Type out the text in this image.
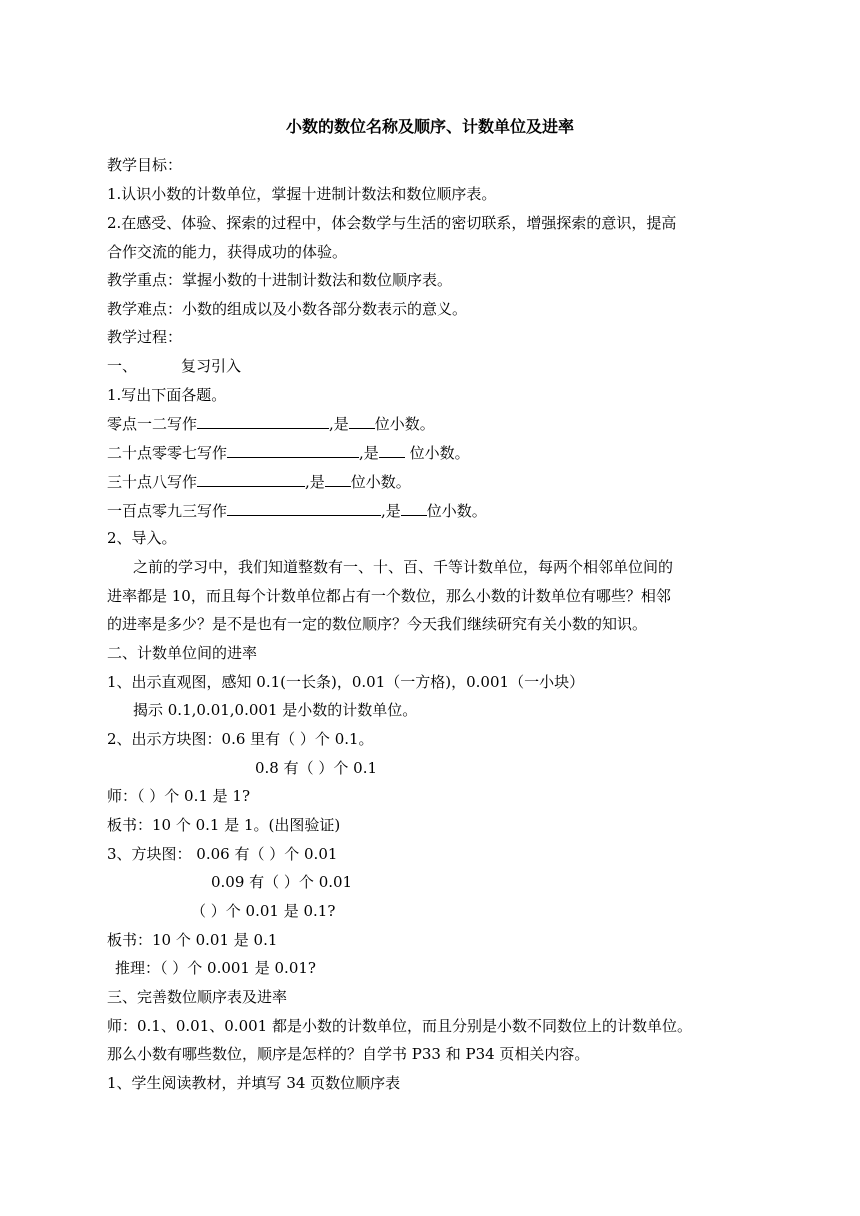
小数的数位名称及顺序、计数单位及进率
教学目标：
1.认识小数的计数单位，掌握十进制计数法和数位顺序表。
2.在感受、体验、探索的过程中，体会数学与生活的密切联系，增强探索的意识，提高
合作交流的能力，获得成功的体验。
教学重点：掌握小数的十进制计数法和数位顺序表。
教学难点：小数的组成以及小数各部分数表示的意义。
教学过程：
一、	复习引入
1.写出下面各题。
零点一二写作	,是 位小数。
二十点零零七写作	,是 位小数。
三十点八写作	,是 位小数。
一百点零九三写作	,是 位小数。
2、导入。
之前的学习中，我们知道整数有一、十、百、千等计数单位，每两个相邻单位间的
进率都是 10，而且每个计数单位都占有一个数位，那么小数的计数单位有哪些？相邻
的进率是多少？是不是也有一定的数位顺序？今天我们继续研究有关小数的知识。
二、计数单位间的进率
1、出示直观图，感知 0.1(一长条)，0.01（一方格)，0.001（一小块）
揭示 0.1,0.01,0.001 是小数的计数单位。
2、出示方块图：0.6 里有（ ）个 0.1。
0.8 有（ ）个 0.1
师：（ ）个 0.1 是 1?
板书：10 个 0.1 是 1。(出图验证)
3、方块图： 0.06 有（ ）个 0.01
0.09 有（ ）个 0.01
（ ）个 0.01 是 0.1?
板书：10 个 0.01 是 0.1
推理：（ ）个 0.001 是 0.01?
三、完善数位顺序表及进率
师：0.1、0.01、0.001 都是小数的计数单位，而且分别是小数不同数位上的计数单位。
那么小数有哪些数位，顺序是怎样的？自学书 P33 和 P34 页相关内容。
1、学生阅读教材，并填写 34 页数位顺序表
